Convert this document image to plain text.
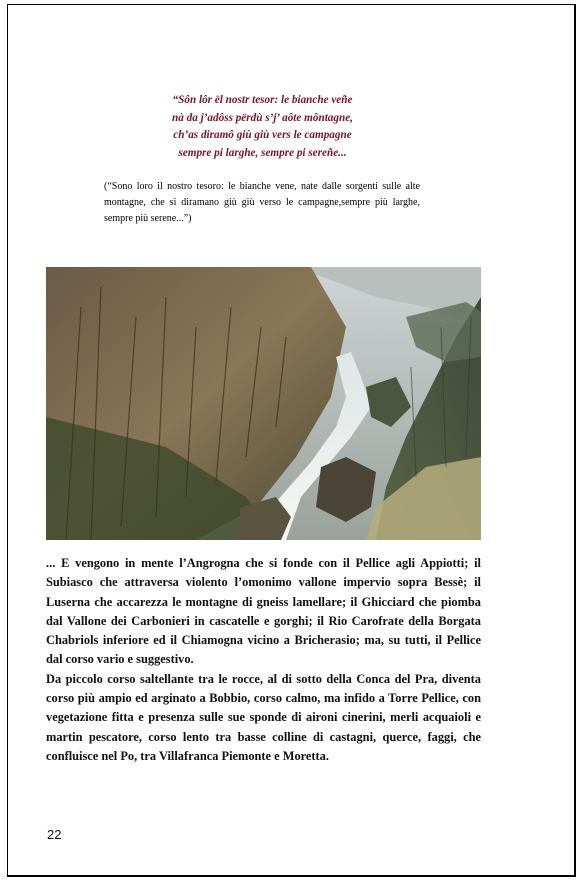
“Sôn lôr ël nostr tesor: le bianche veñe
nà da j’adôss përdù s’j’ aôte môntagne,
ch’as diramô giù giù vers le campagne
sempre pi larghe, sempre pi sereñe...
(“Sono loro il nostro tesoro: le bianche vene, nate dalle sorgenti sulle alte montagne, che si diramano giù giù verso le campagne,sempre più larghe, sempre più serene...”)

... E vengono in mente l’Angrogna che si fonde con il Pellice agli Appiotti; il Subiasco che attraversa violento l’omonimo vallone impervio sopra Bessè; il Luserna che accarezza le montagne di gneiss lamellare; il Ghicciard che piomba dal Vallone dei Carbonieri in cascatelle e gorghi; il Rio Carofrate della Borgata Chabriols inferiore ed il Chiamogna vicino a Bricherasio; ma, su tutti, il Pellice dal corso vario e suggestivo.

Da piccolo corso saltellante tra le rocce, al di sotto della Conca del Pra, diventa corso più ampio ed arginato a Bobbio, corso calmo, ma infido a Torre Pellice, con vegetazione fitta e presenza sulle sue sponde di aironi cinerini, merli acquaioli e martin pescatore, corso lento tra basse colline di castagni, querce, faggi, che confluisce nel Po, tra Villafranca Piemonte e Moretta.

22
